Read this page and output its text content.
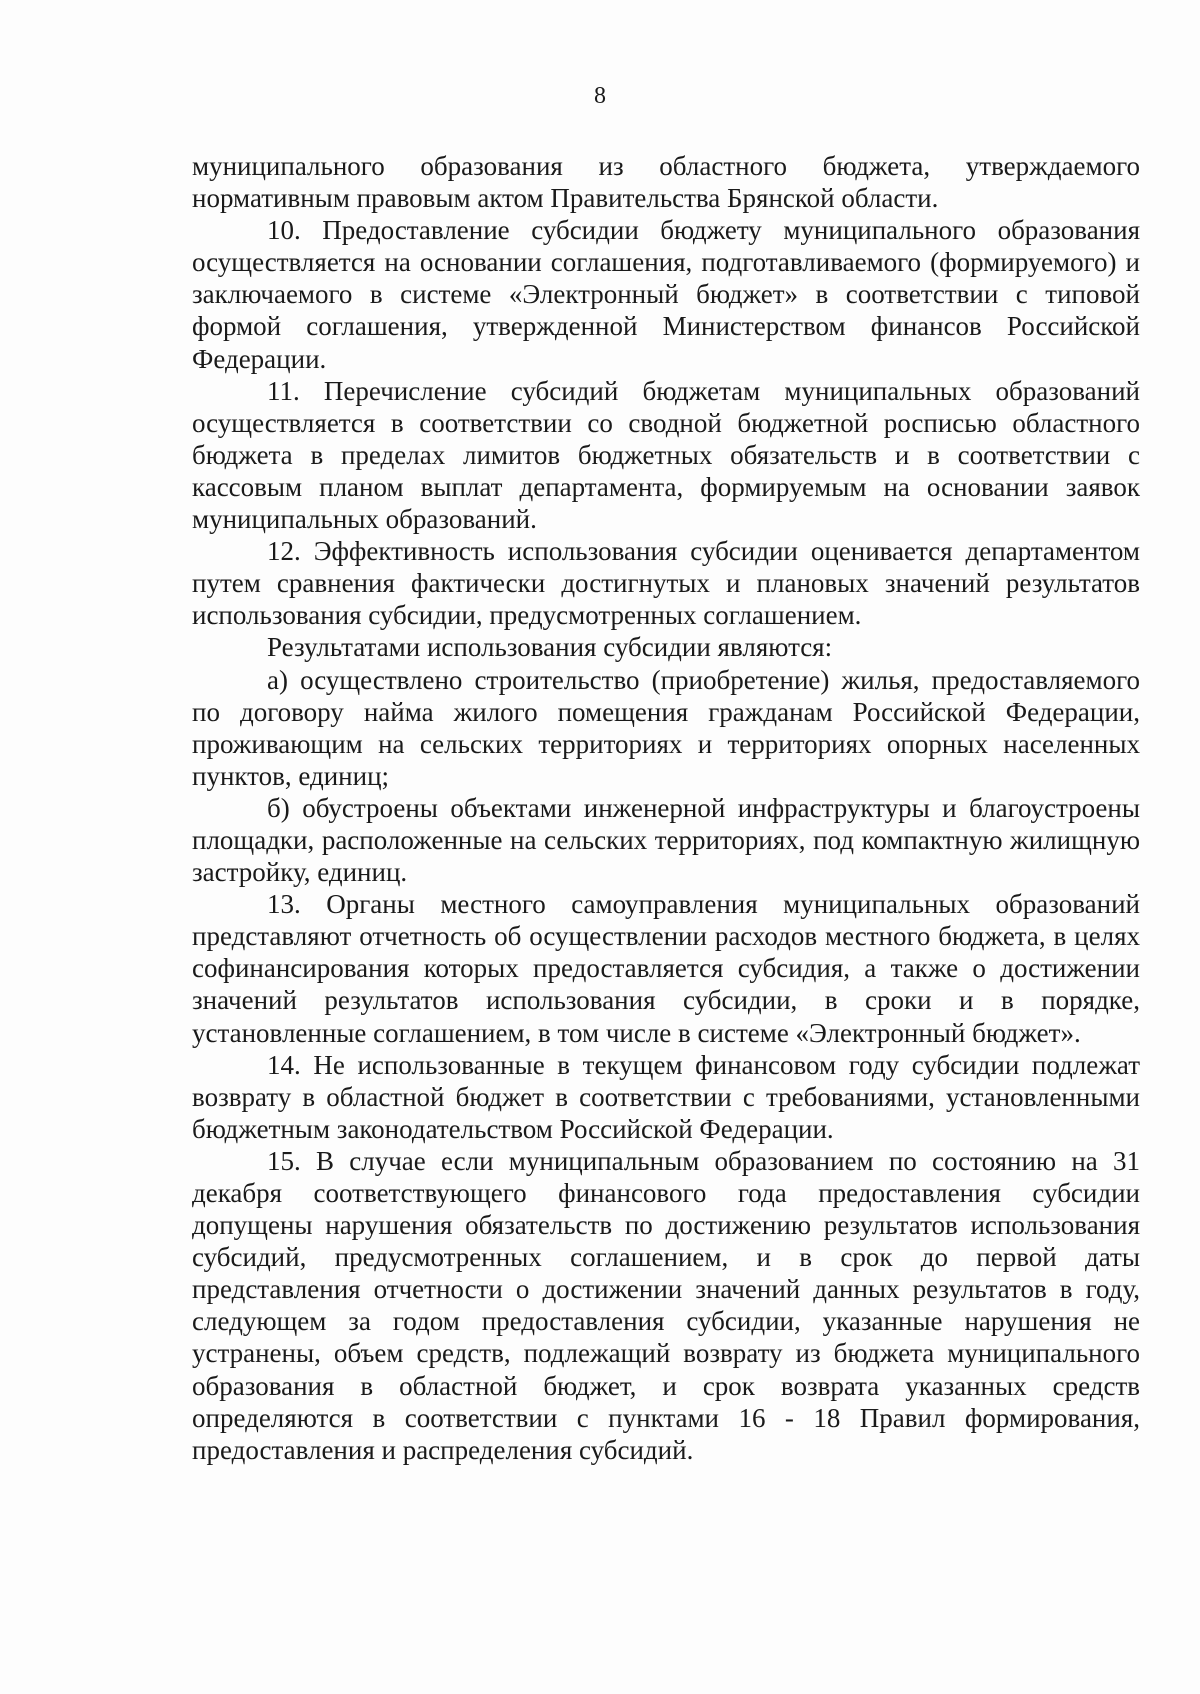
8

муниципального образования из областного бюджета, утверждаемого нормативным правовым актом Правительства Брянской области.

10. Предоставление субсидии бюджету муниципального образования осуществляется на основании соглашения, подготавливаемого (формируемого) и заключаемого в системе «Электронный бюджет» в соответствии с типовой формой соглашения, утвержденной Министерством финансов Российской Федерации.

11. Перечисление субсидий бюджетам муниципальных образований осуществляется в соответствии со сводной бюджетной росписью областного бюджета в пределах лимитов бюджетных обязательств и в соответствии с кассовым планом выплат департамента, формируемым на основании заявок муниципальных образований.

12. Эффективность использования субсидии оценивается департаментом путем сравнения фактически достигнутых и плановых значений результатов использования субсидии, предусмотренных соглашением.

Результатами использования субсидии являются:

а) осуществлено строительство (приобретение) жилья, предоставляемого по договору найма жилого помещения гражданам Российской Федерации, проживающим на сельских территориях и территориях опорных населенных пунктов, единиц;

б) обустроены объектами инженерной инфраструктуры и благоустроены площадки, расположенные на сельских территориях, под компактную жилищную застройку, единиц.

13. Органы местного самоуправления муниципальных образований представляют отчетность об осуществлении расходов местного бюджета, в целях софинансирования которых предоставляется субсидия, а также о достижении значений результатов использования субсидии, в сроки и в порядке, установленные соглашением, в том числе в системе «Электронный бюджет».

14. Не использованные в текущем финансовом году субсидии подлежат возврату в областной бюджет в соответствии с требованиями, установленными бюджетным законодательством Российской Федерации.

15. В случае если муниципальным образованием по состоянию на 31 декабря соответствующего финансового года предоставления субсидии допущены нарушения обязательств по достижению результатов использования субсидий, предусмотренных соглашением, и в срок до первой даты представления отчетности о достижении значений данных результатов в году, следующем за годом предоставления субсидии, указанные нарушения не устранены, объем средств, подлежащий возврату из бюджета муниципального образования в областной бюджет, и срок возврата указанных средств определяются в соответствии с пунктами 16 - 18 Правил формирования, предоставления и распределения субсидий.
